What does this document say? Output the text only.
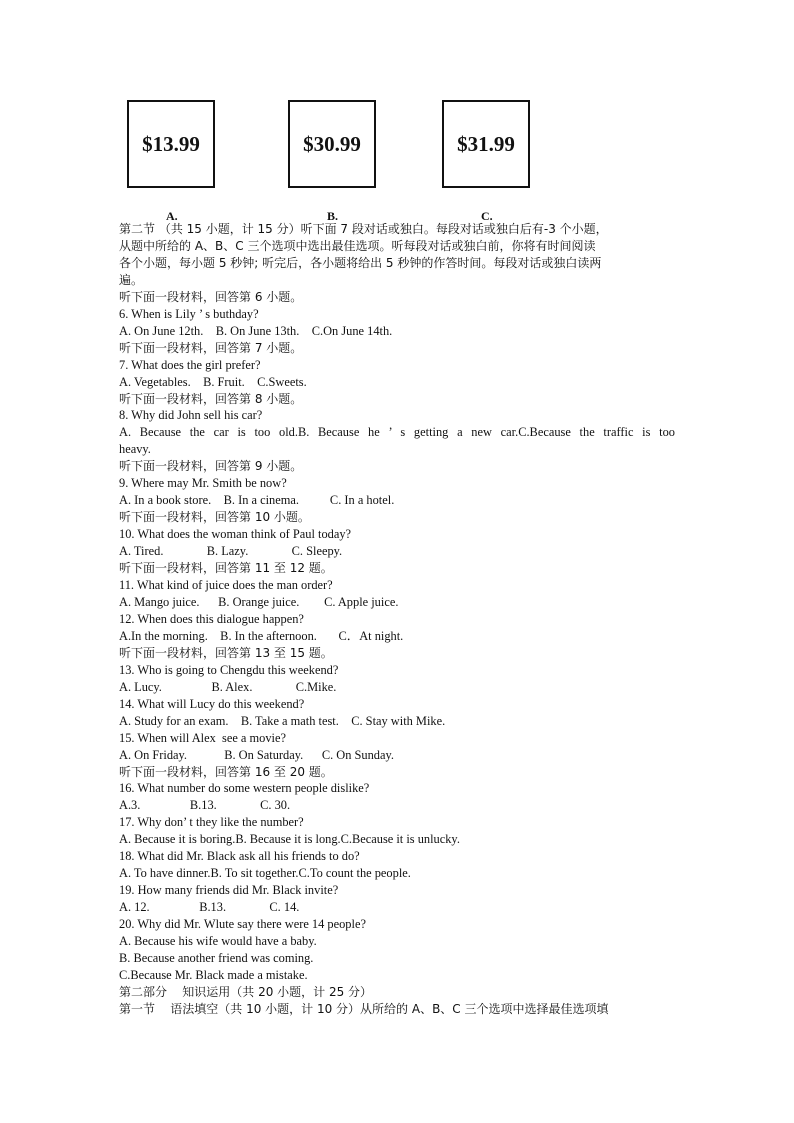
$13.99	$30.99	$31.99
A.	B.	C.
第二节 （共 15 小题，计 15 分）听下面 7 段对话或独白。每段对话或独白后有-3 个小题，
从题中所给的 A、B、C 三个选项中选出最佳选项。听每段对话或独白前，你将有时间阅读
各个小题，每小题 5 秒钟; 听完后，各小题将给出 5 秒钟的作答时间。每段对话或独白读两
遍。
听下面一段材料，回答第 6 小题。
6. When is Lily ’ s buthday?
A. On June 12th.    B. On June 13th.    C.On June 14th.
听下面一段材料，回答第 7 小题。
7. What does the girl prefer?
A. Vegetables.    B. Fruit.    C.Sweets.
听下面一段材料，回答第 8 小题。
8. Why did John sell his car?
A. Because the car is too old.B. Because he ’ s getting a new car.C.Because the traffic is too
heavy.
听下面一段材料，回答第 9 小题。
9. Where may Mr. Smith be now?
A. In a book store.    B. In a cinema.          C. In a hotel.
听下面一段材料，回答第 10 小题。
10. What does the woman think of Paul today?
A. Tired.              B. Lazy.              C. Sleepy.
听下面一段材料，回答第 11 至 12 题。
11. What kind of juice does the man order?
A. Mango juice.      B. Orange juice.        C. Apple juice.
12. When does this dialogue happen?
A.In the morning.    B. In the afternoon.       C．At night.
听下面一段材料，回答第 13 至 15 题。
13. Who is going to Chengdu this weekend?
A. Lucy.                B. Alex.              C.Mike.
14. What will Lucy do this weekend?
A. Study for an exam.    B. Take a math test.    C. Stay with Mike.
15. When will Alex  see a movie?
A. On Friday.            B. On Saturday.      C. On Sunday.
听下面一段材料，回答第 16 至 20 题。
16. What number do some western people dislike?
A.3.                B.13.              C. 30.
17. Why don’ t they like the number?
A. Because it is boring.B. Because it is long.C.Because it is unlucky.
18. What did Mr. Black ask all his friends to do?
A. To have dinner.B. To sit together.C.To count the people.
19. How many friends did Mr. Black invite?
A. 12.                B.13.              C. 14.
20. Why did Mr. Wlute say there were 14 people?
A. Because his wife would have a baby.
B. Because another friend was coming.
C.Because Mr. Black made a mistake.
第二部分    知识运用（共 20 小题，计 25 分）
第一节    语法填空（共 10 小题，计 10 分）从所给的 A、B、C 三个选项中选择最佳选项填
